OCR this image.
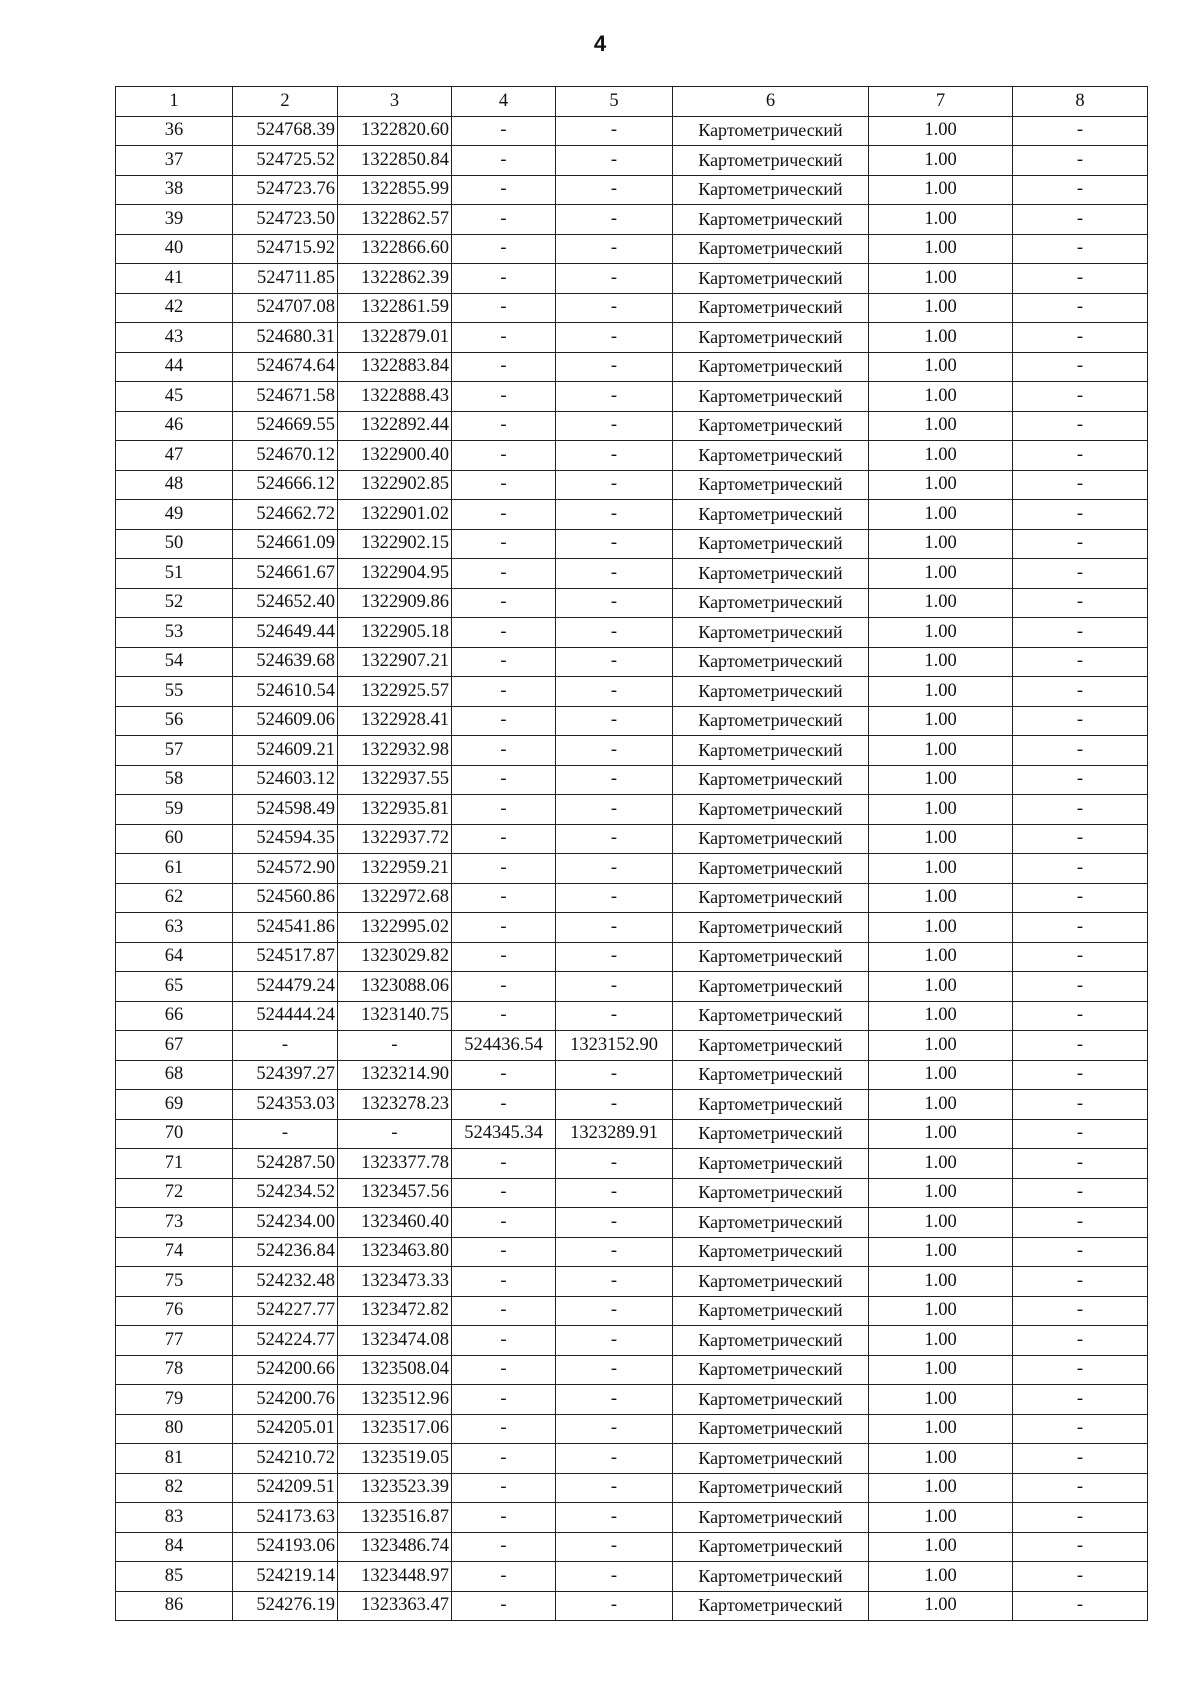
4
1	2	3	4	5	6	7	8
36	524768.39	1322820.60	-	-	Картометрический	1.00	-
37	524725.52	1322850.84	-	-	Картометрический	1.00	-
38	524723.76	1322855.99	-	-	Картометрический	1.00	-
39	524723.50	1322862.57	-	-	Картометрический	1.00	-
40	524715.92	1322866.60	-	-	Картометрический	1.00	-
41	524711.85	1322862.39	-	-	Картометрический	1.00	-
42	524707.08	1322861.59	-	-	Картометрический	1.00	-
43	524680.31	1322879.01	-	-	Картометрический	1.00	-
44	524674.64	1322883.84	-	-	Картометрический	1.00	-
45	524671.58	1322888.43	-	-	Картометрический	1.00	-
46	524669.55	1322892.44	-	-	Картометрический	1.00	-
47	524670.12	1322900.40	-	-	Картометрический	1.00	-
48	524666.12	1322902.85	-	-	Картометрический	1.00	-
49	524662.72	1322901.02	-	-	Картометрический	1.00	-
50	524661.09	1322902.15	-	-	Картометрический	1.00	-
51	524661.67	1322904.95	-	-	Картометрический	1.00	-
52	524652.40	1322909.86	-	-	Картометрический	1.00	-
53	524649.44	1322905.18	-	-	Картометрический	1.00	-
54	524639.68	1322907.21	-	-	Картометрический	1.00	-
55	524610.54	1322925.57	-	-	Картометрический	1.00	-
56	524609.06	1322928.41	-	-	Картометрический	1.00	-
57	524609.21	1322932.98	-	-	Картометрический	1.00	-
58	524603.12	1322937.55	-	-	Картометрический	1.00	-
59	524598.49	1322935.81	-	-	Картометрический	1.00	-
60	524594.35	1322937.72	-	-	Картометрический	1.00	-
61	524572.90	1322959.21	-	-	Картометрический	1.00	-
62	524560.86	1322972.68	-	-	Картометрический	1.00	-
63	524541.86	1322995.02	-	-	Картометрический	1.00	-
64	524517.87	1323029.82	-	-	Картометрический	1.00	-
65	524479.24	1323088.06	-	-	Картометрический	1.00	-
66	524444.24	1323140.75	-	-	Картометрический	1.00	-
67	-	-	524436.54	1323152.90	Картометрический	1.00	-
68	524397.27	1323214.90	-	-	Картометрический	1.00	-
69	524353.03	1323278.23	-	-	Картометрический	1.00	-
70	-	-	524345.34	1323289.91	Картометрический	1.00	-
71	524287.50	1323377.78	-	-	Картометрический	1.00	-
72	524234.52	1323457.56	-	-	Картометрический	1.00	-
73	524234.00	1323460.40	-	-	Картометрический	1.00	-
74	524236.84	1323463.80	-	-	Картометрический	1.00	-
75	524232.48	1323473.33	-	-	Картометрический	1.00	-
76	524227.77	1323472.82	-	-	Картометрический	1.00	-
77	524224.77	1323474.08	-	-	Картометрический	1.00	-
78	524200.66	1323508.04	-	-	Картометрический	1.00	-
79	524200.76	1323512.96	-	-	Картометрический	1.00	-
80	524205.01	1323517.06	-	-	Картометрический	1.00	-
81	524210.72	1323519.05	-	-	Картометрический	1.00	-
82	524209.51	1323523.39	-	-	Картометрический	1.00	-
83	524173.63	1323516.87	-	-	Картометрический	1.00	-
84	524193.06	1323486.74	-	-	Картометрический	1.00	-
85	524219.14	1323448.97	-	-	Картометрический	1.00	-
86	524276.19	1323363.47	-	-	Картометрический	1.00	-
